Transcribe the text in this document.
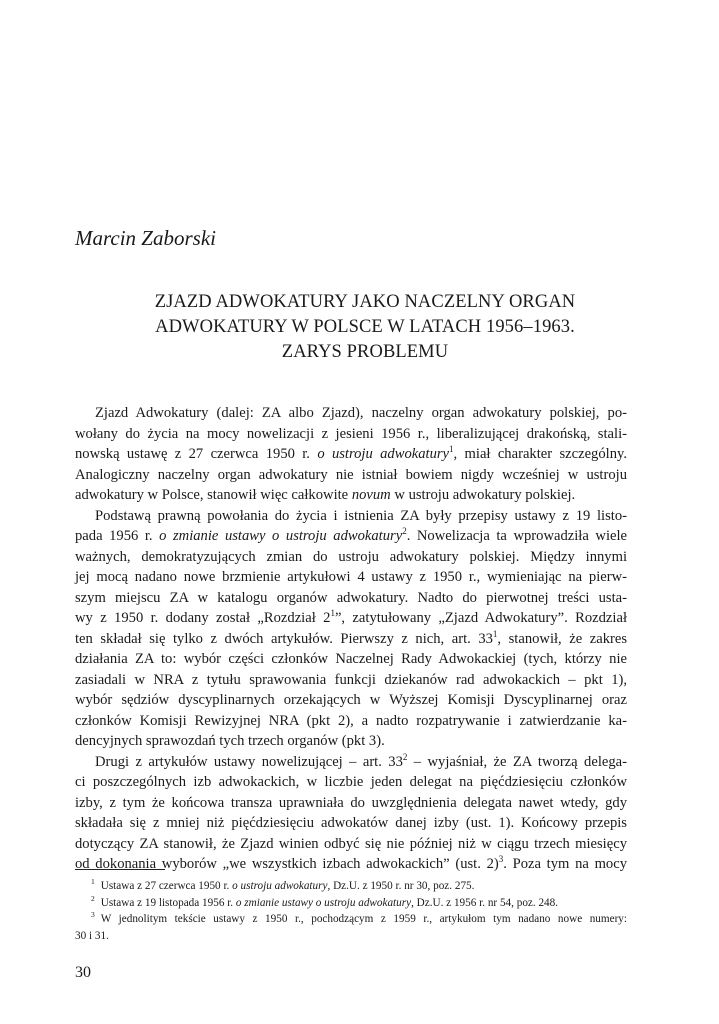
Marcin Zaborski
ZJAZD ADWOKATURY JAKO NACZELNY ORGAN
ADWOKATURY W POLSCE W LATACH 1956–1963.
ZARYS PROBLEMU

Zjazd Adwokatury (dalej: ZA albo Zjazd), naczelny organ adwokatury polskiej, po-
wołany do życia na mocy nowelizacji z jesieni 1956 r., liberalizującej drakońską, stali-
nowską ustawę z 27 czerwca 1950 r. o ustroju adwokatury$^1$, miał charakter szczególny.
Analogiczny naczelny organ adwokatury nie istniał bowiem nigdy wcześniej w ustroju
adwokatury w Polsce, stanowił więc całkowite novum w ustroju adwokatury polskiej.

Podstawą prawną powołania do życia i istnienia ZA były przepisy ustawy z 19 listo-
pada 1956 r. o zmianie ustawy o ustroju adwokatury$^2$. Nowelizacja ta wprowadziła wiele
ważnych, demokratyzujących zmian do ustroju adwokatury polskiej. Między innymi
jej mocą nadano nowe brzmienie artykułowi 4 ustawy z 1950 r., wymieniając na pierw-
szym miejscu ZA w katalogu organów adwokatury. Nadto do pierwotnej treści usta-
wy z 1950 r. dodany został „Rozdział $2^1$”, zatytułowany „Zjazd Adwokatury”. Rozdział
ten składał się tylko z dwóch artykułów. Pierwszy z nich, art. $33^1$, stanowił, że zakres
działania ZA to: wybór części członków Naczelnej Rady Adwokackiej (tych, którzy nie
zasiadali w NRA z tytułu sprawowania funkcji dziekanów rad adwokackich – pkt 1),
wybór sędziów dyscyplinarnych orzekających w Wyższej Komisji Dyscyplinarnej oraz
członków Komisji Rewizyjnej NRA (pkt 2), a nadto rozpatrywanie i zatwierdzanie ka-
dencyjnych sprawozdań tych trzech organów (pkt 3).

Drugi z artykułów ustawy nowelizującej – art. $33^2$ – wyjaśniał, że ZA tworzą delega-
ci poszczególnych izb adwokackich, w liczbie jeden delegat na pięćdziesięciu członków
izby, z tym że końcowa transza uprawniała do uwzględnienia delegata nawet wtedy, gdy
składała się z mniej niż pięćdziesięciu adwokatów danej izby (ust. 1). Końcowy przepis
dotyczący ZA stanowił, że Zjazd winien odbyć się nie później niż w ciągu trzech miesięcy
od dokonania wyborów „we wszystkich izbach adwokackich” (ust. 2)$^3$. Poza tym na mocy

$^1$ Ustawa z 27 czerwca 1950 r. o ustroju adwokatury, Dz.U. z 1950 r. nr 30, poz. 275.
$^2$ Ustawa z 19 listopada 1956 r. o zmianie ustawy o ustroju adwokatury, Dz.U. z 1956 r. nr 54, poz. 248.
$^3$ W jednolitym tekście ustawy z 1950 r., pochodzącym z 1959 r., artykułom tym nadano nowe numery:
30 i 31.
30
